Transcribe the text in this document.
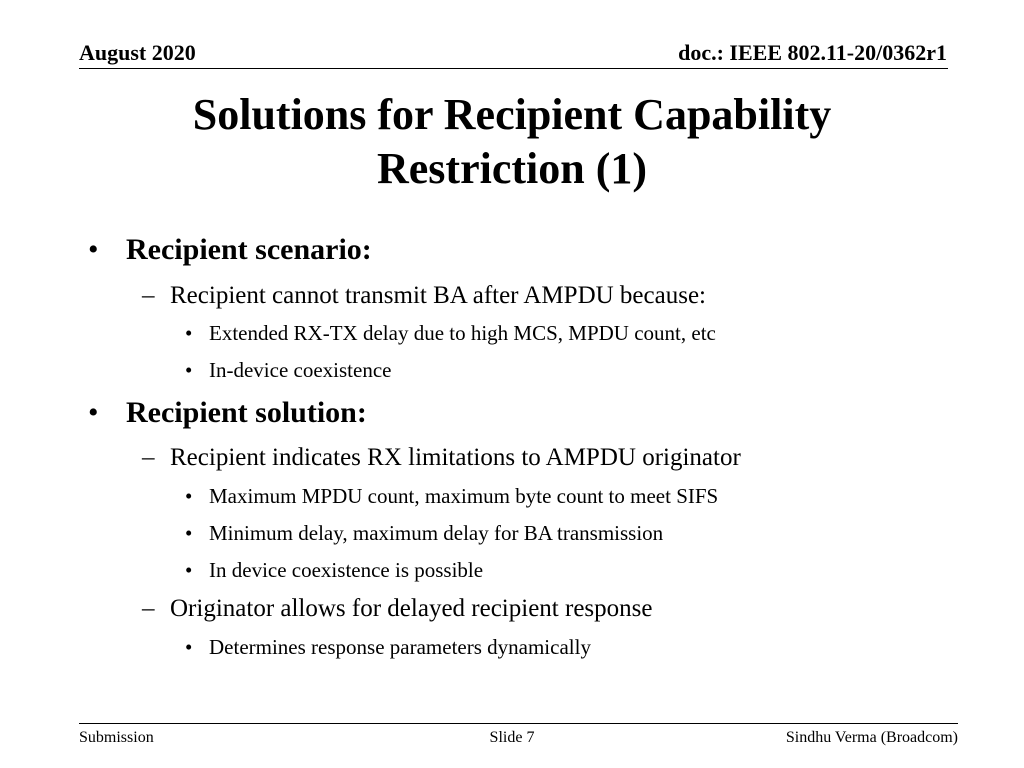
August 2020	doc.: IEEE 802.11-20/0362r1
Solutions for Recipient Capability
Restriction (1)
• Recipient scenario:
– Recipient cannot transmit BA after AMPDU because:
• Extended RX-TX delay due to high MCS, MPDU count, etc
• In-device coexistence
• Recipient solution:
– Recipient indicates RX limitations to AMPDU originator
• Maximum MPDU count, maximum byte count to meet SIFS
• Minimum delay, maximum delay for BA transmission
• In device coexistence is possible
– Originator allows for delayed recipient response
• Determines response parameters dynamically
Submission	Slide 7	Sindhu Verma (Broadcom)
